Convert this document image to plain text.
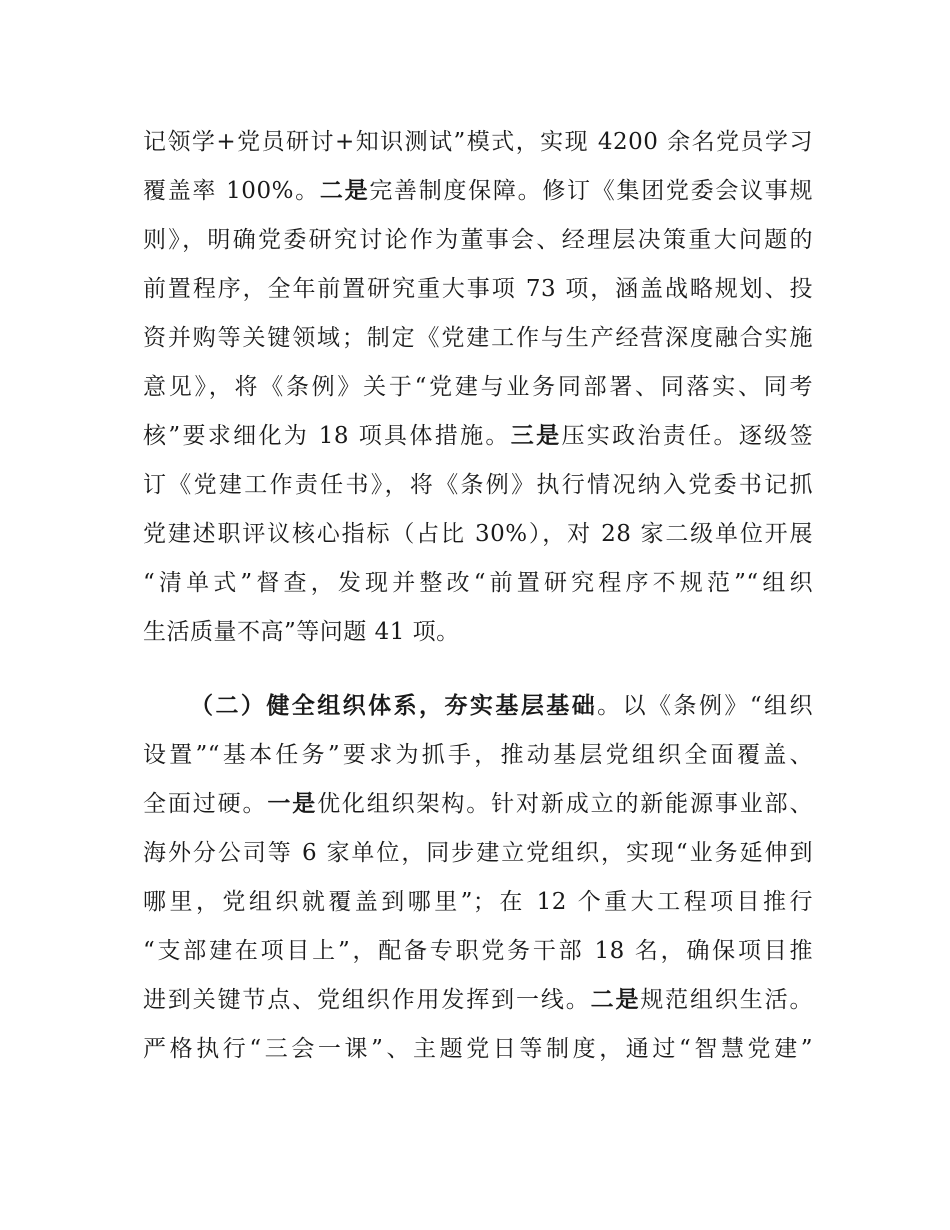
记领学+党员研讨+知识测试”模式，实现 4200 余名党员学习
覆盖率 100%。二是完善制度保障。修订《集团党委会议事规
则》，明确党委研究讨论作为董事会、经理层决策重大问题的
前置程序，全年前置研究重大事项 73 项，涵盖战略规划、投
资并购等关键领域；制定《党建工作与生产经营深度融合实施
意见》，将《条例》关于“党建与业务同部署、同落实、同考
核”要求细化为 18 项具体措施。三是压实政治责任。逐级签
订《党建工作责任书》，将《条例》执行情况纳入党委书记抓
党建述职评议核心指标（占比 30%），对 28 家二级单位开展
“清单式”督查，发现并整改“前置研究程序不规范”“组织
生活质量不高”等问题 41 项。
（二）健全组织体系，夯实基层基础。以《条例》“组织
设置”“基本任务”要求为抓手，推动基层党组织全面覆盖、
全面过硬。一是优化组织架构。针对新成立的新能源事业部、
海外分公司等 6 家单位，同步建立党组织，实现“业务延伸到
哪里，党组织就覆盖到哪里”；在 12 个重大工程项目推行
“支部建在项目上”，配备专职党务干部 18 名，确保项目推
进到关键节点、党组织作用发挥到一线。二是规范组织生活。
严格执行“三会一课”、主题党日等制度，通过“智慧党建”
